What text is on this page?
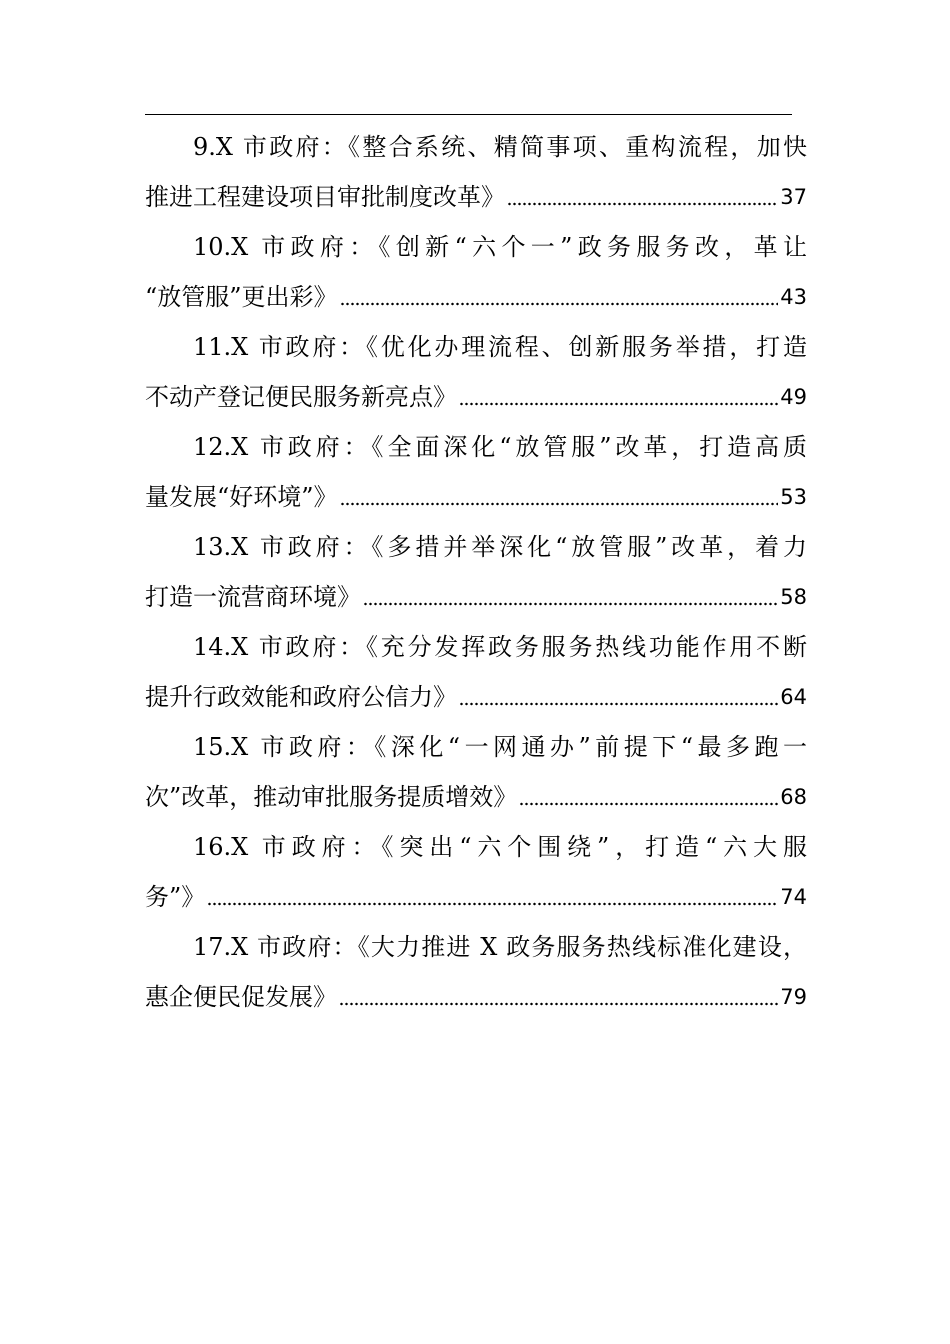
9.X 市政府：《整合系统、精简事项、重构流程，加快
推进工程建设项目审批制度改革》	37
10.X 市政府：《创新“六个一”政务服务改，革让
“放管服”更出彩》	43
11.X 市政府：《优化办理流程、创新服务举措，打造
不动产登记便民服务新亮点》	49
12.X 市政府：《全面深化“放管服”改革，打造高质
量发展“好环境”》	53
13.X 市政府：《多措并举深化“放管服”改革，着力
打造一流营商环境》	58
14.X 市政府：《充分发挥政务服务热线功能作用不断
提升行政效能和政府公信力》	64
15.X 市政府：《深化“一网通办”前提下“最多跑一
次”改革，推动审批服务提质增效》	68
16.X 市政府：《突出“六个围绕”，打造“六大服
务”》	74
17.X 市政府：《大力推进 X 政务服务热线标准化建设，
惠企便民促发展》	79
